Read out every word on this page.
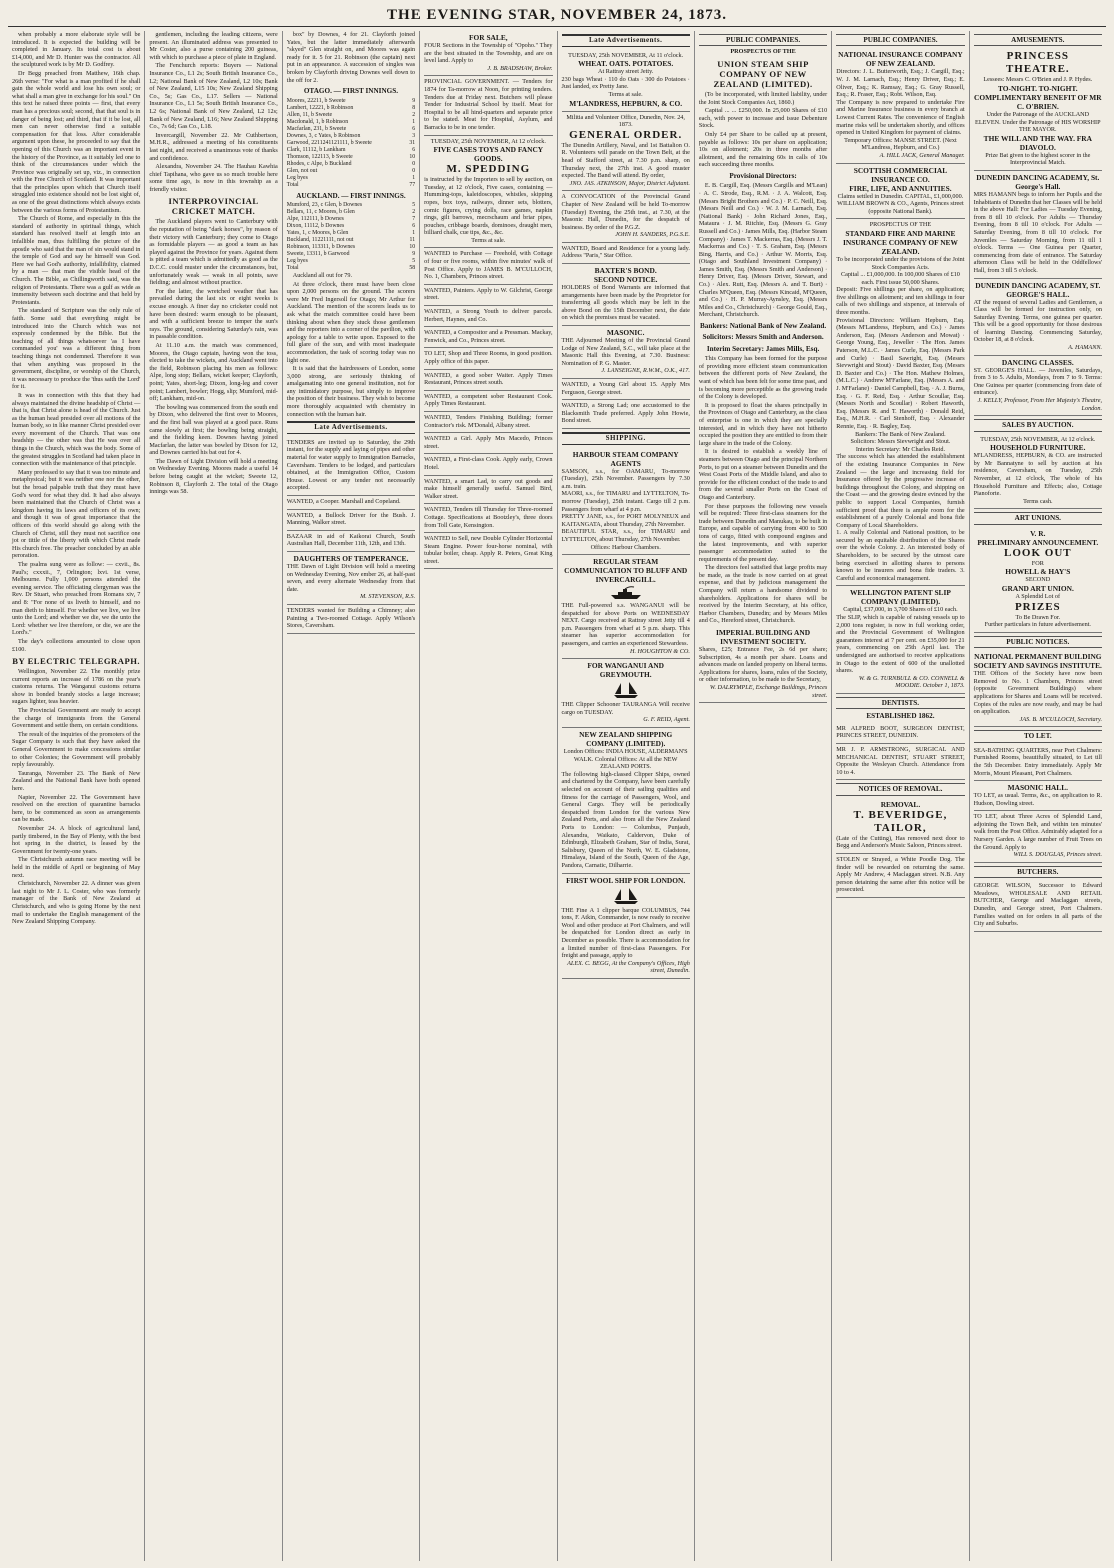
THE EVENING STAR, NOVEMBER 24, 1873.

when probably a more elaborate style will be introduced. It is expected the building will be completed in January. Its total cost is about £14,000, and Mr D. Hunter was the contractor. All the sculptured work is by Mr D. Godfrey.

Dr Begg preached from Matthew, 16th chap. 26th verse: "For what is a man profited if he shall gain the whole world and lose his own soul; or what shall a man give in exchange for his soul." On this text he raised three points — first, that every man has a precious soul; second, that that soul is in danger of being lost; and third, that if it be lost, all men can never otherwise find a suitable compensation for that loss. After considerable argument upon these, he proceeded to say that the opening of this Church was an important event in the history of the Province, as it suitably led one to think of the circumstances under which the Province was originally set up, viz., in connection with the Free Church of Scotland. It was important that the principles upon which that Church itself struggled into existence should not be lost sight of, as one of the great distinctions which always exists between the various forms of Protestantism.

The Church of Rome, and especially in this the standard of authority in spiritual things, which standard has resolved itself at length into an infallible man, thus fulfilling the picture of the apostle who said that the man of sin would stand in the temple of God and say he himself was God. Here we had God's authority, infallibility, claimed by a man — that man the visible head of the Church. The Bible, as Chillingworth said, was the religion of Protestants. There was a gulf as wide as immensity between such doctrine and that held by Protestants.

The standard of Scripture was the only rule of faith. Some said that everything might be introduced into the Church which was not expressly condemned by the Bible. But the teaching of all things whatsoever 'as I have commanded you' was a different thing from teaching things not condemned. Therefore it was that when anything was proposed in the government, discipline, or worship of the Church, it was necessary to produce the 'thus saith the Lord' for it.

It was in connection with this that they had always maintained the divine headship of Christ — that is, that Christ alone is head of the Church. Just as the human head presided over all motions of the human body, so in like manner Christ presided over every movement of the Church. That was one headship — the other was that He was over all things in the Church, which was the body. Some of the greatest struggles in Scotland had taken place in connection with the maintenance of that principle.

Many professed to say that it was too minute and metaphysical; but it was neither one nor the other, but the broad palpable truth that they must have God's word for what they did. It had also always been maintained that the Church of Christ was a kingdom having its laws and officers of its own; and though it was of great importance that the officers of this world should go along with the Church of Christ, still they must not sacrifice one jot or tittle of the liberty with which Christ made His church free. The preacher concluded by an able peroration.

The psalms sung were as follow: — cxvii., 8s. Paul's; cxxxii., 7, Orlington; lxvi. 1st verse, Melbourne. Fully 1,000 persons attended the evening service. The officiating clergyman was the Rev. Dr Stuart, who preached from Romans xiv, 7 and 8: "For none of us liveth to himself, and no man dieth to himself. For whether we live, we live unto the Lord; and whether we die, we die unto the Lord: whether we live therefore, or die, we are the Lord's."

The day's collections amounted to close upon £100.

BY ELECTRIC TELEGRAPH.

Wellington, November 22. The monthly prize current reports an increase of 1786 on the year's customs returns. The Wanganui customs returns show in bonded brandy stocks a large increase; sugars lighter, teas heavier.

The Provincial Government are ready to accept the charge of immigrants from the General Government and settle them, on certain conditions.

The result of the inquiries of the promoters of the Sugar Company is such that they have asked the General Government to make concessions similar to other Colonies; the Government will probably reply favourably.

Tauranga, November 23. The Bank of New Zealand and the National Bank have both opened here.

Napier, November 22. The Government have resolved on the erection of quarantine barracks here, to be commenced as soon as arrangements can be made.

November 24. A block of agricultural land, partly timbered, in the Bay of Plenty, with the best hot spring in the district, is leased by the Government for twenty-one years.

The Christchurch autumn race meeting will be held in the middle of April or beginning of May next.

Christchurch, November 22. A dinner was given last night to Mr J. L. Coster, who was formerly manager of the Bank of New Zealand at Christchurch, and who is going Home by the next mail to undertake the English management of the New Zealand Shipping Company.

gentlemen, including the leading citizens, were present. An illuminated address was presented to Mr Coster, also a purse containing 200 guineas, with which to purchase a piece of plate in England.

The Fenchurch reports: Buyers — National Insurance Co., L1 2s; South British Insurance Co., L2; National Bank of New Zealand, L2 10s; Bank of New Zealand, L15 10s; New Zealand Shipping Co., 5s; Gas Co., L17. Sellers — National Insurance Co., L1 5s; South British Insurance Co., L2 6s; National Bank of New Zealand, L2 12s; Bank of New Zealand, L16; New Zealand Shipping Co., 7s 6d; Gas Co., L18.

Invercargill, November 22. Mr Cuthbertson, M.H.R., addressed a meeting of his constituents last night, and received a unanimous vote of thanks and confidence.

Alexandra, November 24. The Hauhau Kawhia chief Tapihana, who gave us so much trouble here some time ago, is now in this township as a friendly visitor.

INTERPROVINCIAL CRICKET MATCH.

The Auckland players went to Canterbury with the reputation of being "dark horses", by reason of their victory with Canterbury; they come to Otago as formidable players — as good a team as has played against the Province for years. Against them is pitted a team which is admittedly as good as the D.C.C. could muster under the circumstances, but, unfortunately weak — weak in all points, save fielding; and almost without practice.

For the latter, the wretched weather that has prevailed during the last six or eight weeks is excuse enough. A finer day no cricketer could not have been desired: warm enough to be pleasant, and with a sufficient breeze to temper the sun's rays. The ground, considering Saturday's rain, was in passable condition.

At 11.10 a.m. the match was commenced, Moores, the Otago captain, having won the toss, elected to take the wickets, and Auckland went into the field, Robinson placing his men as follows: Alpe, long stop; Bellars, wicket keeper; Clayforth, point; Yates, short-leg; Dixon, long-leg and cover point; Lambert, bowler; Hogg, slip; Mumford, mid-off; Lankham, mid-on.

The bowling was commenced from the south end by Dixon, who delivered the first over to Moores, and the first ball was played at a good pace. Runs came slowly at first; the bowling being straight, and the fielding keen. Downes having joined Macfarlan, the latter was bowled by Dixon for 12, and Downes carried his bat out for 4.

The Dawn of Light Division will hold a meeting on Wednesday Evening. Moores made a useful 14 before being caught at the wicket; Sweete 12, Robinson 8, Clayforth 2. The total of the Otago innings was 58.

box" by Downes, 4 for 21. Clayforth joined Yates, but the latter immediately afterwards "skyed" Glen straight on, and Moores was again ready for it. 5 for 21. Robinson (the captain) next put in an appearance. A succession of singles was broken by Clayforth driving Downes well down to the off for 2.

OTAGO. — FIRST INNINGS.
Moores, 22211, b Sweete	9
Lambert, 12221, b Robinson	8
Allen, 11, b Sweete	2
Macdonald, 1, b Robinson	1
Macfarlan, 231, b Sweete	6
Downes, 3, c Yates, b Robinson	3
Garwood, 2211241121111, b Sweete	31
Clark, 11112, b Lankham	6
Thomson, 122113, b Sweete	10
Rhodes, c Alpe, b Buckland	0
Glen, not out	0
Leg byes	1
Total	77
AUCKLAND. — FIRST INNINGS.
Mumford, 23, c Glen, b Downes	5
Bellars, 11, c Moores, b Glen	2
Alpe, 112111, b Downes	7
Dixon, 11112, b Downes	6
Yates, 1, c Moores, b Glen	1
Buckland, 11221111, not out	11
Robinson, 113311, b Downes	10
Sweete, 13311, b Garwood	9
Leg byes	5
Total	58

Auckland all out for 79.

At three o'clock, there must have been close upon 2,000 persons on the ground. The scorers were Mr Fred Ingersoll for Otago; Mr Arthur for Auckland. The mention of the scorers leads us to ask what the match committee could have been thinking about when they stuck those gentlemen and the reporters into a corner of the pavilion, with apology for a table to write upon. Exposed to the full glare of the sun, and with most inadequate accommodation, the task of scoring today was no light one.

It is said that the hairdressers of London, some 3,000 strong, are seriously thinking of amalgamating into one general institution, not for any intimidatory purpose, but simply to improve the position of their business. They wish to become more thoroughly acquainted with chemistry in connection with the human hair.

Late Advertisements.
TENDERS are invited up to Saturday, the 29th instant, for the supply and laying of pipes and other material for water supply to Immigration Barracks, Caversham. Tenders to be lodged, and particulars obtained, at the Immigration Office, Custom House. Lowest or any tender not necessarily accepted.
WANTED, a Cooper. Marshall and Copeland.
WANTED, a Bullock Driver for the Bush. J. Manning, Walker street.
BAZAAR in aid of Kaikorai Church, South Australian Hall, December 11th, 12th, and 13th.
DAUGHTERS OF TEMPERANCE.
THE Dawn of Light Division will hold a meeting on Wednesday Evening, Nov ember 26, at half-past seven, and every alternate Wednesday from that date.
M. STEVENSON, R.S.
TENDERS wanted for Building a Chimney; also Painting a Two-roomed Cottage. Apply Wilson's Stores, Caversham.
FOR SALE,
FOUR Sections in the Township of "Opoho." They are the best situated in the Township, and are on level land. Apply to
J. B. BRADSHAW, Broker.
PROVINCIAL GOVERNMENT. — Tenders for 1874 for Ta-morrow at Noon, for printing tenders. Tenders due at Friday next. Butchers will please Tender for Industrial School by itself. Meat for Hospital to be all hind-quarters and separate price to be stated. Meat for Hospital, Asylum, and Barracks to be in one tender.
TUESDAY, 25th NOVEMBER, At 12 o'clock.
FIVE CASES TOYS AND FANCY GOODS.
M. SPEDDING
is instructed by the Importers to sell by auction, on Tuesday, at 12 o'clock, Five cases, containing — Humming-tops, kaleidoscopes, whistles, skipping ropes, box toys, railways, dinner sets, blotters, comic figures, crying dolls, race games, napkin rings, gilt barrows, mecrschaum and briar pipes, pouches, cribbage boards, dominoes, draught men, billiard chalk, cue tips, &c., &c.
Terms at sale.
WANTED to Purchase — Freehold, with Cottage of four or five rooms, within five minutes' walk of Post Office. Apply to JAMES B. M'CULLOCH, No. 1, Chambers, Princes street.
WANTED, Painters. Apply to W. Gilchrist, George street.
WANTED, a Strong Youth to deliver parcels. Herbert, Haynes, and Co.
WANTED, a Compositor and a Pressman. Mackay, Fenwick, and Co., Princes street.
TO LET, Shop and Three Rooms, in good position. Apply office of this paper.
WANTED, a good sober Waiter. Apply Times Restaurant, Princes street south.
WANTED, a competent sober Restaurant Cook. Apply Times Restaurant.
WANTED, Tenders Finishing Building; former Contractor's risk. M'Donald, Albany street.
WANTED a Girl. Apply Mrs Macedo, Princes street.
WANTED, a First-class Cook. Apply early, Crown Hotel.
WANTED, a smart Lad, to carry out goods and make himself generally useful. Samuel Bird, Walker street.
WANTED, Tenders till Thursday for Three-roomed Cottage. Specifications at Bootzley's, three doors from Toll Gate, Kensington.
WANTED to Sell, new Double Cylinder Horizontal Steam Engine. Power four-horse nominal, with tubular boiler, cheap. Apply R. Peters, Great King street.
Late Advertisements.
TUESDAY, 25th NOVEMBER, At 11 o'clock.
WHEAT. OATS. POTATOES.
At Rattray street Jetty.
230 bags Wheat · 110 do Oats · 300 do Potatoes · Just landed, ex Pretty Jane.
Terms at sale.
M'LANDRESS, HEPBURN, & CO.
Militia and Volunteer Office, Dunedin, Nov. 24, 1873.
GENERAL ORDER.
The Dunedin Artillery, Naval, and 1st Battalion O. R. Volunteers will parade on the Town Belt, at the head of Stafford street, at 7.30 p.m. sharp, on Thursday next, the 27th inst. A good muster expected. The Band will attend. By order,
JNO. JAS. ATKINSON, Major, District Adjutant.
A CONVOCATION of the Provincial Grand Chapter of New Zealand will be held To-morrow (Tuesday) Evening, the 25th inst., at 7.30, at the Masonic Hall, Dunedin, for the despatch of business. By order of the P.G.Z.
JOHN H. SANDERS, P.G.S.E.
WANTED, Board and Residence for a young lady. Address "Paris," Star Office.
BAXTER'S BOND.
SECOND NOTICE.
HOLDERS of Bond Warrants are informed that arrangements have been made by the Proprietor for transferring all goods which may be left in the above Bond on the 15th December next, the date on which the premises must be vacated.
MASONIC.
THE Adjourned Meeting of the Provincial Grand Lodge of New Zealand, S.C., will take place at the Masonic Hall this Evening, at 7.30. Business: Nomination of P. G. Master.
J. LANSEIGNE, R.W.M., O.K., 417.
WANTED, a Young Girl about 15. Apply Mrs Ferguson, George street.
WANTED, a Strong Lad; one accustomed to the Blacksmith Trade preferred. Apply John Howie, Bond street.
SHIPPING.
HARBOUR STEAM COMPANY AGENTS
SAMSON, s.s., for OAMARU, To-morrow (Tuesday), 25th November. Passengers by 7.30 a.m. train.
MAORI, s.s., for TIMARU and LYTTELTON, To-morrow (Tuesday), 25th instant. Cargo till 2 p.m. Passengers from wharf at 4 p.m.
PRETTY JANE, s.s., for PORT MOLYNEUX and KAITANGATA, about Thursday, 27th November.
BEAUTIFUL STAR, s.s., for TIMARU and LYTTELTON, about Thursday, 27th November.
Offices: Harbour Chambers.
REGULAR STEAM COMMUNICATION TO BLUFF AND INVERCARGILL.
THE Full-powered s.s. WANGANUI will be despatched for above Ports on WEDNESDAY NEXT. Cargo received at Rattray street Jetty till 4 p.m. Passengers from wharf at 5 p.m. sharp. This steamer has superior accommodation for passengers, and carries an experienced Stewardess.
H. HOUGHTON & CO.
FOR WANGANUI AND GREYMOUTH.
THE Clipper Schooner TAURANGA Will receive cargo on TUESDAY.
G. F. REID, Agent.
NEW ZEALAND SHIPPING COMPANY (LIMITED).
London Offices: INDIA HOUSE, ALDERMAN'S WALK. Colonial Offices: At all the NEW ZEALAND PORTS.
The following high-classed Clipper Ships, owned and chartered by the Company, have been carefully selected on account of their sailing qualities and fitness for the carriage of Passengers, Wool, and General Cargo. They will be periodically despatched from London for the various New Zealand Ports, and also from all the New Zealand Ports to London: — Columbus, Punjaub, Alexandra, Waikato, Caldervon, Duke of Edinburgh, Elizabeth Graham, Star of India, Surat, Salisbury, Queen of the North, W. E. Gladstone, Himalaya, Island of the South, Queen of the Age, Pandora, Carnatic, Dilharrie.
FIRST WOOL SHIP FOR LONDON.
THE Fine A 1 clipper barque COLUMBUS, 744 tons, F. Atkin, Commander, is now ready to receive Wool and other produce at Port Chalmers, and will be despatched for London direct as early in December as possible. There is accommodation for a limited number of first-class Passengers. For freight and passage, apply to
ALEX. C. BEGG, At the Company's Offices, High street, Dunedin.
PUBLIC COMPANIES.
PROSPECTUS OF THE
UNION STEAM SHIP COMPANY OF NEW ZEALAND (LIMITED).

(To be incorporated, with limited liability, under the Joint Stock Companies Act, 1860.)

Capital ... ... £250,000. In 25,000 Shares of £10 each, with power to increase and issue Debenture Stock.

Only £4 per Share to be called up at present, payable as follows: 10s per share on application; 10s on allotment; 20s in three months after allotment, and the remaining 60s in calls of 10s each succeeding three months.

Provisional Directors:

E. B. Cargill, Esq. (Messrs Cargills and M'Lean) · A. C. Strode, Esq., R.M. · J. A. Walcott, Esq. (Messrs Bright Brothers and Co.) · P. C. Neill, Esq. (Messrs Neill and Co.) · W. J. M. Larnach, Esq. (National Bank) · John Richard Jones, Esq., Mataura · J. M. Ritchie, Esq. (Messrs G. Gray Russell and Co.) · James Mills, Esq. (Harbor Steam Company) · James T. Mackerras, Esq. (Messrs J. T. Mackerras and Co.) · T. S. Graham, Esq. (Messrs Bing, Harris, and Co.) · Arthur W. Morris, Esq. (Otago and Southland Investment Company) · James Smith, Esq. (Messrs Smith and Anderson) · Henry Driver, Esq. (Messrs Driver, Stewart, and Co.) · Alex. Rutt, Esq. (Messrs A. and T. Burt) · Charles M'Queen, Esq. (Messrs Kincaid, M'Queen, and Co.) · H. P. Murray-Aynsley, Esq. (Messrs Miles and Co., Christchurch) · George Gould, Esq., Merchant, Christchurch.

Bankers: National Bank of New Zealand.
Solicitors: Messrs Smith and Anderson.
Interim Secretary: James Mills, Esq.

This Company has been formed for the purpose of providing more efficient steam communication between the different ports of New Zealand, the want of which has been felt for some time past, and is becoming more perceptible as the growing trade of the Colony is developed.

It is proposed to float the shares principally in the Provinces of Otago and Canterbury, as the class of enterprise is one in which they are specially interested, and in which they have not hitherto occupied the position they are entitled to from their large share in the trade of the Colony.

It is desired to establish a weekly line of steamers between Otago and the principal Northern Ports, to put on a steamer between Dunedin and the West Coast Ports of the Middle Island, and also to provide for the efficient conduct of the trade to and from the several smaller Ports on the Coast of Otago and Canterbury.

For these purposes the following new vessels will be required: Three first-class steamers for the trade between Dunedin and Manukau, to be built in Europe, and capable of carrying from 400 to 500 tons of cargo, fitted with compound engines and the latest improvements, and with superior passenger accommodation suited to the requirements of the present day.

The directors feel satisfied that large profits may be made, as the trade is now carried on at great expense, and that by judicious management the Company will return a handsome dividend to shareholders. Applications for shares will be received by the Interim Secretary, at his office, Harbor Chambers, Dunedin; and by Messrs Miles and Co., Hereford street, Christchurch.

IMPERIAL BUILDING AND INVESTMENT SOCIETY.
Shares, £25; Entrance Fee, 2s 6d per share; Subscription, 4s a month per share. Loans and advances made on landed property on liberal terms. Applications for shares, loans, rules of the Society, or other information, to be made to the Secretary,
W. DALRYMPLE, Exchange Buildings, Princes street.
PUBLIC COMPANIES.
NATIONAL INSURANCE COMPANY OF NEW ZEALAND.
Directors: J. L. Butterworth, Esq.; J. Cargill, Esq.; W. J. M. Larnach, Esq.; Henry Driver, Esq.; E. Oliver, Esq.; K. Ramsay, Esq.; G. Gray Russell, Esq.; R. Fraser, Esq.; Robt. Wilson, Esq.
The Company is now prepared to undertake Fire and Marine Insurance business in every branch at Lowest Current Rates. The convenience of English marine risks will be undertaken shortly, and offices opened in United Kingdom for payment of claims.
Temporary Offices: MANSE STREET. (Next M'Landress, Hepburn, and Co.)
A. HILL JACK, General Manager.
SCOTTISH COMMERCIAL INSURANCE CO.
FIRE, LIFE, AND ANNUITIES.
Claims settled in Dunedin. CAPITAL, £1,000,000.
WILLIAM BROWN & CO., Agents, Princes street (opposite National Bank).
PROSPECTUS OF THE
STANDARD FIRE AND MARINE INSURANCE COMPANY OF NEW ZEALAND.
To be incorporated under the provisions of the Joint Stock Companies Acts.
Capital ... £1,000,000. In 100,000 Shares of £10 each. First issue 50,000 Shares.
Deposit: Five shillings per share, on application; five shillings on allotment; and ten shillings in four calls of two shillings and sixpence, at intervals of three months.
Provisional Directors: William Hepburn, Esq. (Messrs M'Landress, Hepburn, and Co.) · James Anderson, Esq. (Messrs Anderson and Mowat) · George Young, Esq., Jeweller · The Hon. James Paterson, M.L.C. · James Curle, Esq. (Messrs Park and Curle) · Basil Sawright, Esq. (Messrs Sievwright and Stout) · David Baxter, Esq. (Messrs D. Baxter and Co.) · The Hon. Mathew Holmes, (M.L.C.) · Andrew M'Farlane, Esq. (Messrs A. and J. M'Farlane) · Daniel Campbell, Esq. · A. J. Burns, Esq. · G. F. Reid, Esq. · Arthur Scoullar, Esq. (Messrs North and Scoullar) · Robert Haworth, Esq. (Messrs R. and T. Haworth) · Donald Reid, Esq., M.H.R. · Carl Stenhoff, Esq. · Alexander Rennie, Esq. · R. Bagley, Esq.
Bankers: The Bank of New Zealand.
Solicitors: Messrs Sievwright and Stout.
Interim Secretary: Mr Charles Reid.
The success which has attended the establishment of the existing Insurance Companies in New Zealand — the large and increasing field for Insurance offered by the progressive increase of buildings throughout the Colony, and shipping on the Coast — and the growing desire evinced by the public to support Local Companies, furnish sufficient proof that there is ample room for the establishment of a purely Colonial and bona fide Company of Local Shareholders.
1. A really Colonial and National position, to be secured by an equitable distribution of the Shares over the whole Colony. 2. An interested body of Shareholders, to be secured by the utmost care being exercised in allotting shares to persons known to be insurers and bona fide traders. 3. Careful and economical management.
WELLINGTON PATENT SLIP COMPANY (LIMITED).
Capital, £37,000, in 3,700 Shares of £10 each.
The SLIP, which is capable of raising vessels up to 2,000 tons register, is now in full working order, and the Provincial Government of Wellington guarantees interest at 7 per cent. on £35,000 for 21 years, commencing on 25th April last. The undersigned are authorised to receive applications in Otago to the extent of 600 of the unallotted shares.
W. & G. TURNBULL & CO. CONNELL & MOODIE. October 1, 1873.
DENTISTS.
ESTABLISHED 1862.
MR ALFRED BOOT, SURGEON DENTIST, PRINCES STREET, DUNEDIN.
MR J. P. ARMSTRONG, SURGICAL AND MECHANICAL DENTIST, STUART STREET, Opposite the Wesleyan Church. Attendance from 10 to 4.
NOTICES OF REMOVAL.
REMOVAL.
T. BEVERIDGE, TAILOR,
(Late of the Cutting), Has removed next door to Begg and Anderson's Music Saloon, Princes street.
STOLEN or Strayed, a White Poodle Dog. The finder will be rewarded on returning the same. Apply Mr Andrew, 4 Maclaggan street. N.B. Any person detaining the same after this notice will be prosecuted.
AMUSEMENTS.
PRINCESS THEATRE.
Lessees: Messrs C. O'Brien and J. P. Hydes.
TO-NIGHT. TO-NIGHT.
COMPLIMENTARY BENEFIT OF MR C. O'BRIEN.
Under the Patronage of the AUCKLAND ELEVEN. Under the Patronage of HIS WORSHIP THE MAYOR.
THE WILL AND THE WAY. FRA DIAVOLO.
Prize Bat given to the highest scorer in the Interprovincial Match.
DUNEDIN DANCING ACADEMY, St. George's Hall.
MRS HAMANN begs to inform her Pupils and the Inhabitants of Dunedin that her Classes will be held in the above Hall: For Ladies — Tuesday Evening, from 8 till 10 o'clock. For Adults — Thursday Evening, from 8 till 10 o'clock. For Adults — Saturday Evening, from 8 till 10 o'clock. For Juveniles — Saturday Morning, from 11 till 1 o'clock. Terms — One Guinea per Quarter, commencing from date of entrance. The Saturday afternoon Class will be held in the Oddfellows' Hall, from 3 till 5 o'clock.
DUNEDIN DANCING ACADEMY, ST. GEORGE'S HALL.
AT the request of several Ladies and Gentlemen, a Class will be formed for instruction only, on Saturday Evening. Terms, one guinea per quarter. This will be a good opportunity for those desirous of learning Dancing. Commencing Saturday, October 18, at 8 o'clock.
A. HAMANN.
DANCING CLASSES.
ST. GEORGE'S HALL. — Juveniles, Saturdays, from 3 to 5. Adults, Mondays, from 7 to 9. Terms: One Guinea per quarter (commencing from date of entrance).
J. KELLY, Professor, From Her Majesty's Theatre, London.
SALES BY AUCTION.
TUESDAY, 25th NOVEMBER, At 12 o'clock.
HOUSEHOLD FURNITURE.
M'LANDRESS, HEPBURN, & CO. are instructed by Mr Bannatyne to sell by auction at his residence, Caversham, on Tuesday, 25th November, at 12 o'clock, The whole of his Household Furniture and Effects; also, Cottage Pianoforte.
Terms cash.
ART UNIONS.
V. R.
PRELIMINARY ANNOUNCEMENT.
LOOK OUT
FOR
HOWELL & HAY'S
SECOND
GRAND ART UNION.
A Splendid Lot of
PRIZES
To Be Drawn For.
Further particulars in future advertisement.
PUBLIC NOTICES.
NATIONAL PERMANENT BUILDING SOCIETY AND SAVINGS INSTITUTE.
THE Offices of the Society have now been Removed to No. 1 Chambers, Princes street (opposite Government Buildings) where applications for Shares and Loans will be received. Copies of the rules are now ready, and may be had on application.
JAS. B. M'CULLOCH, Secretary.
TO LET.
SEA-BATHING QUARTERS, near Port Chalmers: Furnished Rooms, beautifully situated, to Let till the 5th December. Entry immediately. Apply Mr Morris, Mount Pleasant, Port Chalmers.
MASONIC HALL.
TO LET, as usual. Terms, &c., on application to R. Hudson, Dowling street.
TO LET, about Three Acres of Splendid Land, adjoining the Town Belt, and within ten minutes' walk from the Post Office. Admirably adapted for a Nursery Garden. A large number of Fruit Trees on the Ground. Apply to
WILL S. DOUGLAS, Princes street.
BUTCHERS.
GEORGE WILSON, Successor to Edward Meadows, WHOLESALE AND RETAIL BUTCHER, George and Maclaggan streets, Dunedin, and George street, Port Chalmers. Families waited on for orders in all parts of the City and Suburbs.
